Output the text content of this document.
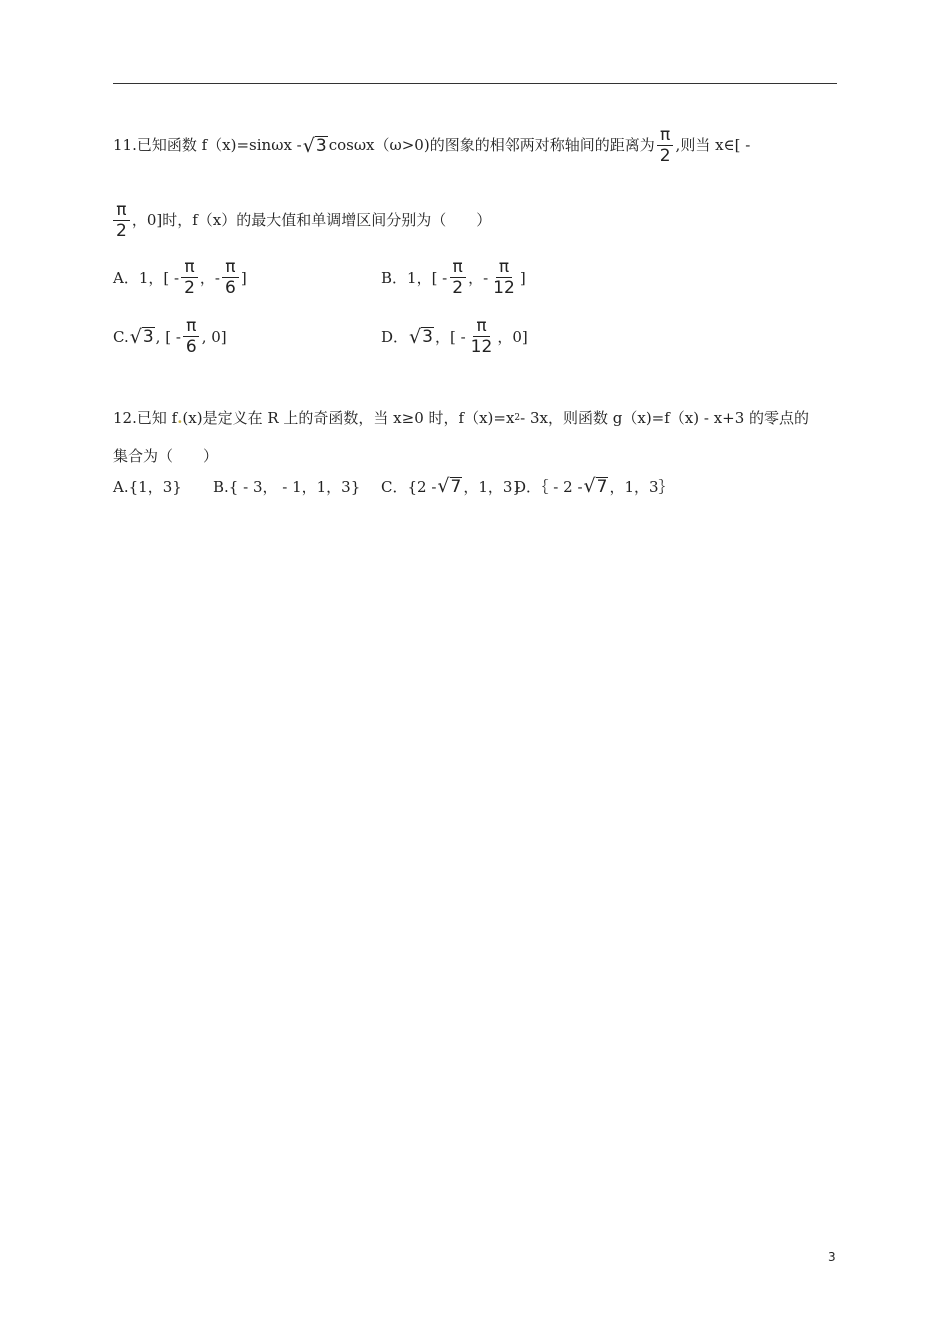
11.已知函数 f（x)=sinωx - √ 3 cosωx（ω>0)的图象的相邻两对称轴间的距离为 $\frac{\pi}{2}$ ,则当 x∈[ -
$\frac{\pi}{2}$ ，0]时，f（x）的最大值和单调增区间分别为（　　）
A．1，[ - $\frac{\pi}{2}$ ，- $\frac{\pi}{6}$ ]	B．1，[ - $\frac{\pi}{2}$ ，- $\frac{\pi}{12}$ ]
C. √ 3 , [ - $\frac{\pi}{6}$ , 0]	D． √ 3 ，[ - $\frac{\pi}{12}$ ，0]
12.已知 f . (x)是定义在 R 上的奇函数，当 x≥0 时，f（x)=x 2 - 3x，则函数 g（x)=f（x) - x+3 的零点的
集合为（　　）
A.{1，3} B.{ - 3， - 1，1，3} C．{2 - √ 7 ，1，3}
D．｛ - 2 - √ 7 ，1，3｝
3
